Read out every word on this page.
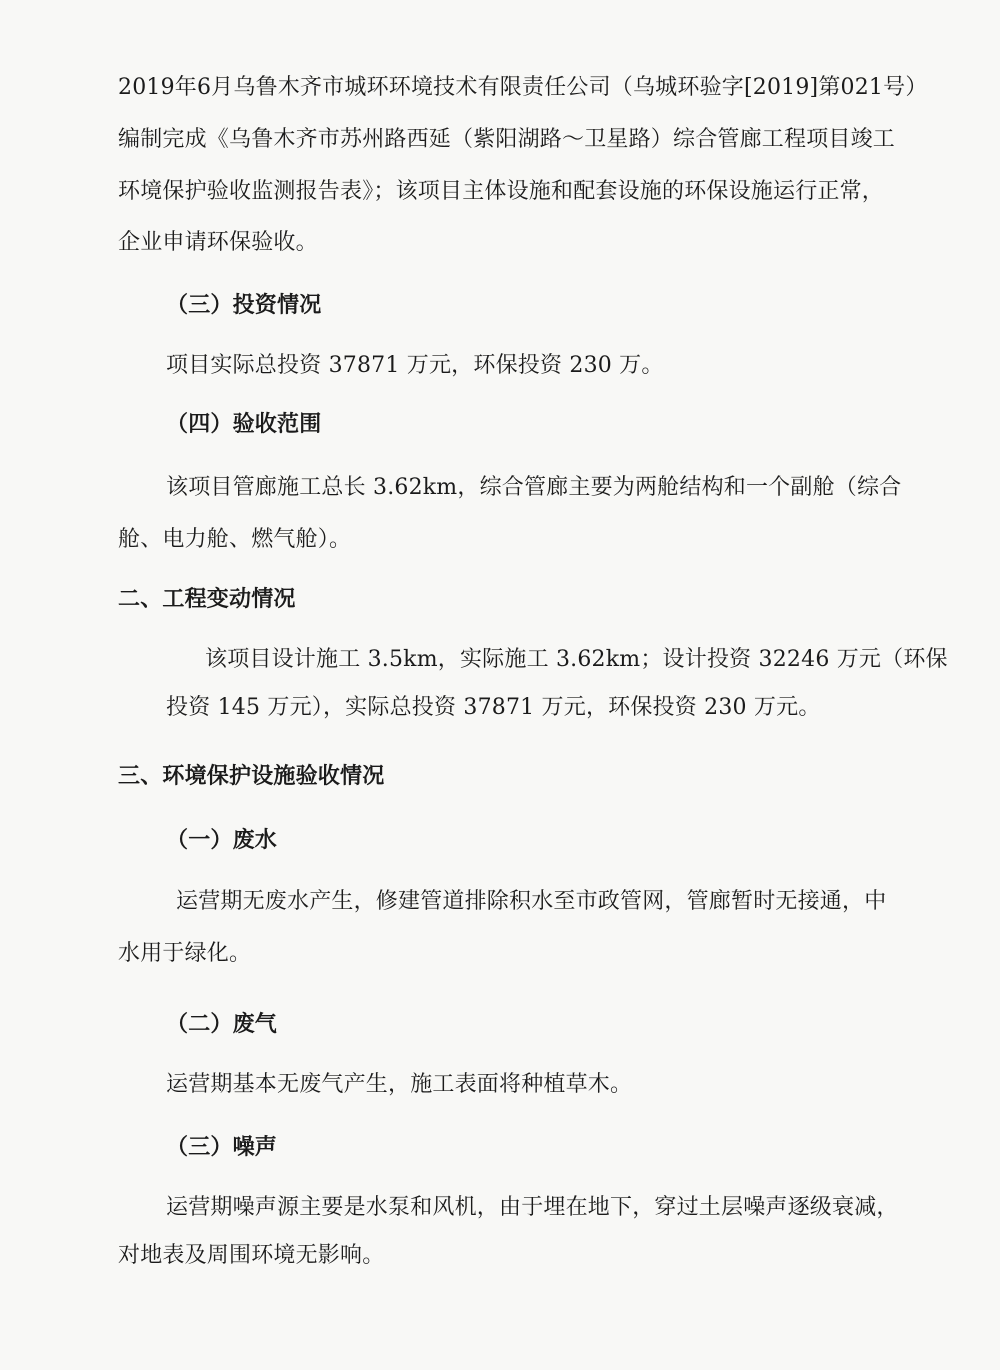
2019年6月乌鲁木齐市城环环境技术有限责任公司（乌城环验字[2019]第021号）
编制完成《乌鲁木齐市苏州路西延（紫阳湖路～卫星路）综合管廊工程项目竣工
环境保护验收监测报告表》；该项目主体设施和配套设施的环保设施运行正常，
企业申请环保验收。
（三）投资情况
项目实际总投资 37871 万元，环保投资 230 万。
（四）验收范围
该项目管廊施工总长 3.62km，综合管廊主要为两舱结构和一个副舱（综合
舱、电力舱、燃气舱）。
二、工程变动情况
该项目设计施工 3.5km，实际施工 3.62km；设计投资 32246 万元（环保
投资 145 万元），实际总投资 37871 万元，环保投资 230 万元。
三、环境保护设施验收情况
（一）废水
运营期无废水产生，修建管道排除积水至市政管网，管廊暂时无接通，中
水用于绿化。
（二）废气
运营期基本无废气产生，施工表面将种植草木。
（三）噪声
运营期噪声源主要是水泵和风机，由于埋在地下，穿过土层噪声逐级衰减，
对地表及周围环境无影响。
